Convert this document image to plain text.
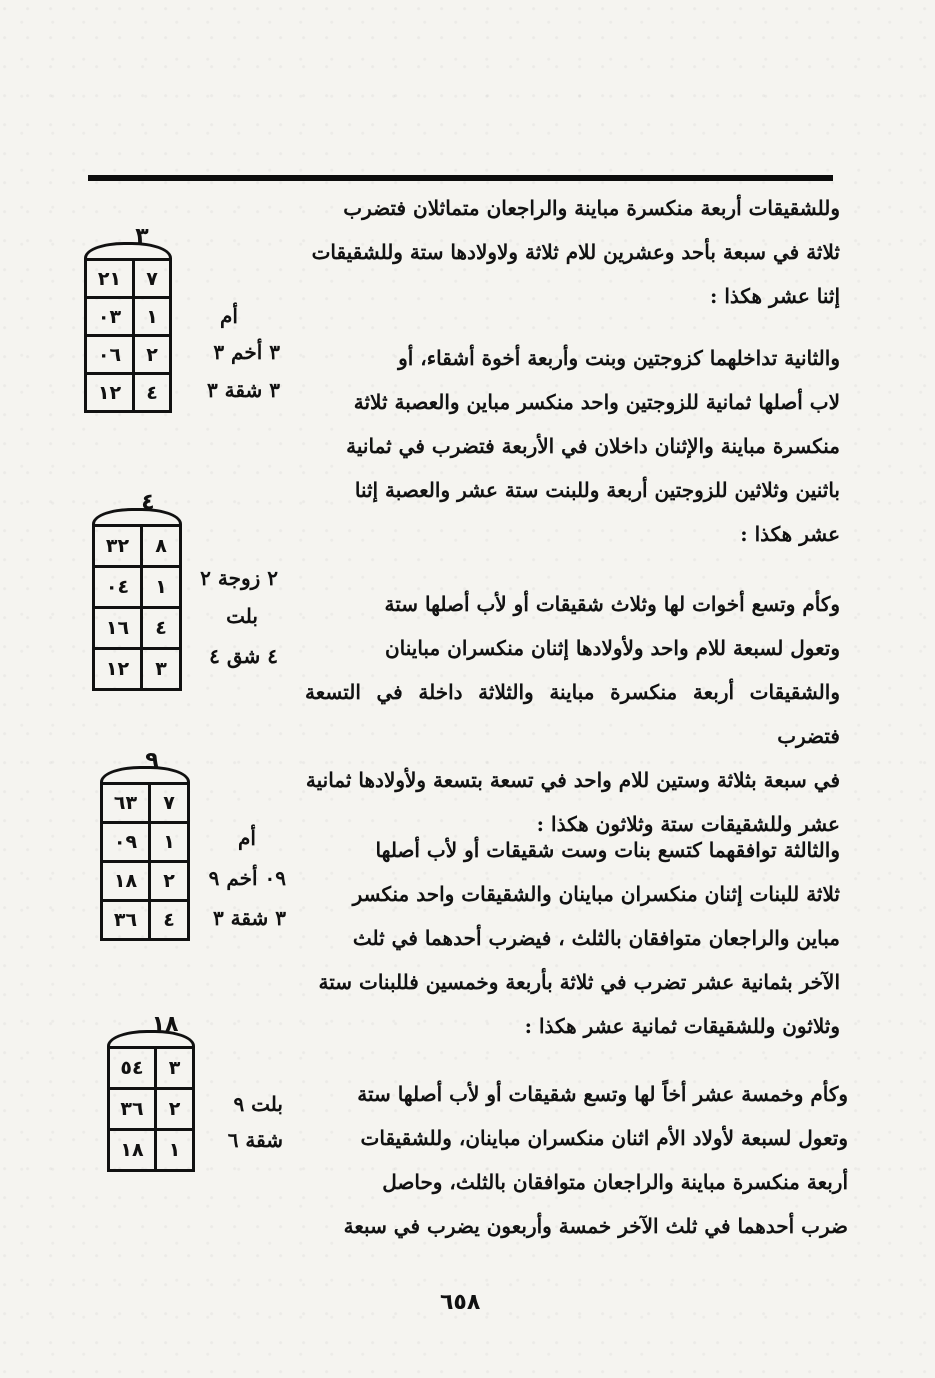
وللشقيقات أربعة منكسرة مباينة والراجعان متماثلان فتضرب

ثلاثة في سبعة بأحد وعشرين للام ثلاثة ولاولادها ستة وللشقيقات

إثنا عشر هكذا :

والثانية تداخلهما كزوجتين وبنت وأربعة أخوة أشقاء، أو

لاب أصلها ثمانية للزوجتين واحد منكسر مباين والعصبة ثلاثة

منكسرة مباينة والإثنان داخلان في الأربعة فتضرب في ثمانية

باثنين وثلاثين للزوجتين أربعة وللبنت ستة عشر والعصبة إثنا

عشر هكذا :

وكأم وتسع أخوات لها وثلاث شقيقات أو لأب أصلها ستة

وتعول لسبعة للام واحد ولأولادها إثنان منكسران مباينان

والشقيقات أربعة منكسرة مباينة والثلاثة داخلة في التسعة فتضرب

في سبعة بثلاثة وستين للام واحد في تسعة بتسعة ولأولادها ثمانية

عشر وللشقيقات ستة وثلاثون هكذا :

والثالثة توافقهما كتسع بنات وست شقيقات أو لأب أصلها

ثلاثة للبنات إثنان منكسران مباينان والشقيقات واحد منكسر

مباين والراجعان متوافقان بالثلث ، فيضرب أحدهما في ثلث

الآخر بثمانية عشر تضرب في ثلاثة بأربعة وخمسين فللبنات ستة

وثلاثون وللشقيقات ثمانية عشر هكذا :

وكأم وخمسة عشر أخاً لها وتسع شقيقات أو لأب أصلها ستة

وتعول لسبعة لأولاد الأم اثنان منكسران مباينان، وللشقيقات

أربعة منكسرة مباينة والراجعان متوافقان بالثلث، وحاصل

ضرب أحدهما في ثلث الآخر خمسة وأربعون يضرب في سبعة

٣
٧
٢١
١
٠٣
٢
٠٦
٤
١٢
أم
٣ أخم ٣
٣ شقة ٣
٤
٨
٣٢
١
٠٤
٤
١٦
٣
١٢
٢ زوجة ٢
بلت
٤ شق ٤
٩
٧
٦٣
١
٠٩
٢
١٨
٤
٣٦
أم
٠٩ أخم ٩
٣ شقة ٣
١٨
٣
٥٤
٢
٣٦
١
١٨
بلت ٩
شقة ٦
٦٥٨
